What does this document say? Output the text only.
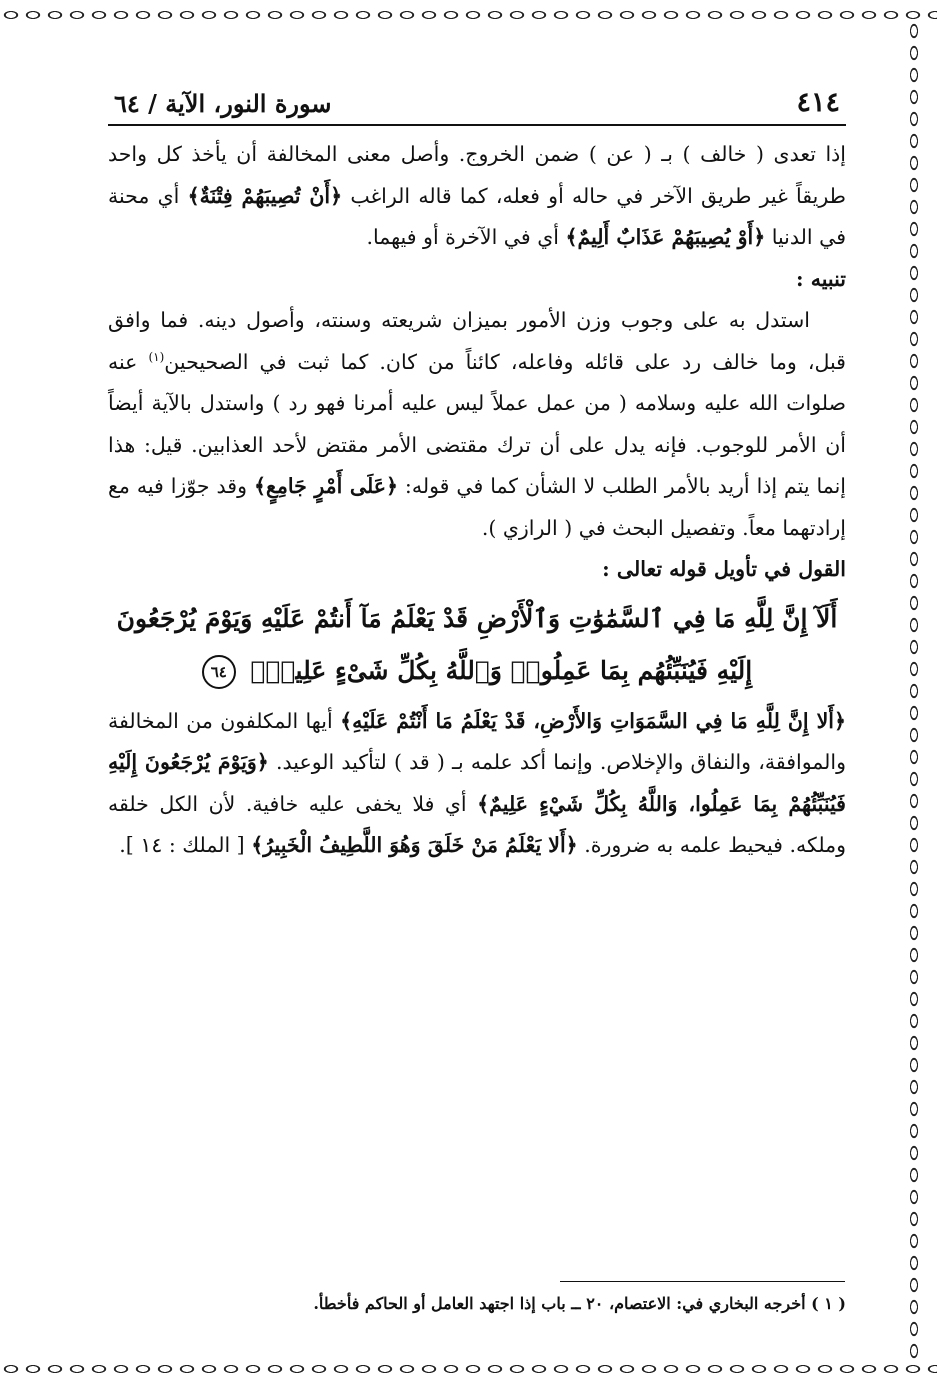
٤١٤
سورة النور، الآية / ٦٤

إذا تعدى ( خالف ) بـ ( عن ) ضمن الخروج. وأصل معنى المخالفة أن يأخذ كل واحد طريقاً غير طريق الآخر في حاله أو فعله، كما قاله الراغب ﴿أَنْ تُصِيبَهُمْ فِتْنَةٌ﴾ أي محنة في الدنيا ﴿أَوْ يُصِيبَهُمْ عَذَابٌ أَلِيمٌ﴾ أي في الآخرة أو فيهما.

تنبيه :

استدل به على وجوب وزن الأمور بميزان شريعته وسنته، وأصول دينه. فما وافق قبل، وما خالف رد على قائله وفاعله، كائناً من كان. كما ثبت في الصحيحين$^{(١)}$ عنه صلوات الله عليه وسلامه ( من عمل عملاً ليس عليه أمرنا فهو رد ) واستدل بالآية أيضاً أن الأمر للوجوب. فإنه يدل على أن ترك مقتضى الأمر مقتض لأحد العذابين. قيل: هذا إنما يتم إذا أريد بالأمر الطلب لا الشأن كما في قوله: ﴿عَلَى أَمْرٍ جَامِعٍ﴾ وقد جوّزا فيه مع إرادتهما معاً. وتفصيل البحث في ( الرازي ).

القول في تأويل قوله تعالى :

أَلَآ إِنَّ لِلَّهِ مَا فِي ٱلسَّمَٰوَٰتِ وَٱلْأَرْضِ قَدْ يَعْلَمُ مَآ أَنتُمْ عَلَيْهِ وَيَوْمَ يُرْجَعُونَ
إِلَيْهِ فَيُنَبِّئُهُم بِمَا عَمِلُوا۟ وَٱللَّهُ بِكُلِّ شَىْءٍ عَلِيمٌۢ ٦٤

﴿أَلا إِنَّ لِلَّهِ مَا فِي السَّمَوَاتِ وَالأَرْضِ، قَدْ يَعْلَمُ مَا أَنْتُمْ عَلَيْهِ﴾ أيها المكلفون من المخالفة والموافقة، والنفاق والإخلاص. وإنما أكد علمه بـ ( قد ) لتأكيد الوعيد. ﴿وَيَوْمَ يُرْجَعُونَ إِلَيْهِ فَيُنَبِّئُهُمْ بِمَا عَمِلُوا، وَاللَّهُ بِكُلِّ شَيْءٍ عَلِيمٌ﴾ أي فلا يخفى عليه خافية. لأن الكل خلقه وملكه. فيحيط علمه به ضرورة. ﴿أَلا يَعْلَمُ مَنْ خَلَقَ وَهُوَ اللَّطِيفُ الْخَبِيرُ﴾ [ الملك : ١٤ ].

( ١ ) أخرجه البخاري في: الاعتصام، ٢٠ ــ باب إذا اجتهد العامل أو الحاكم فأخطأ.
